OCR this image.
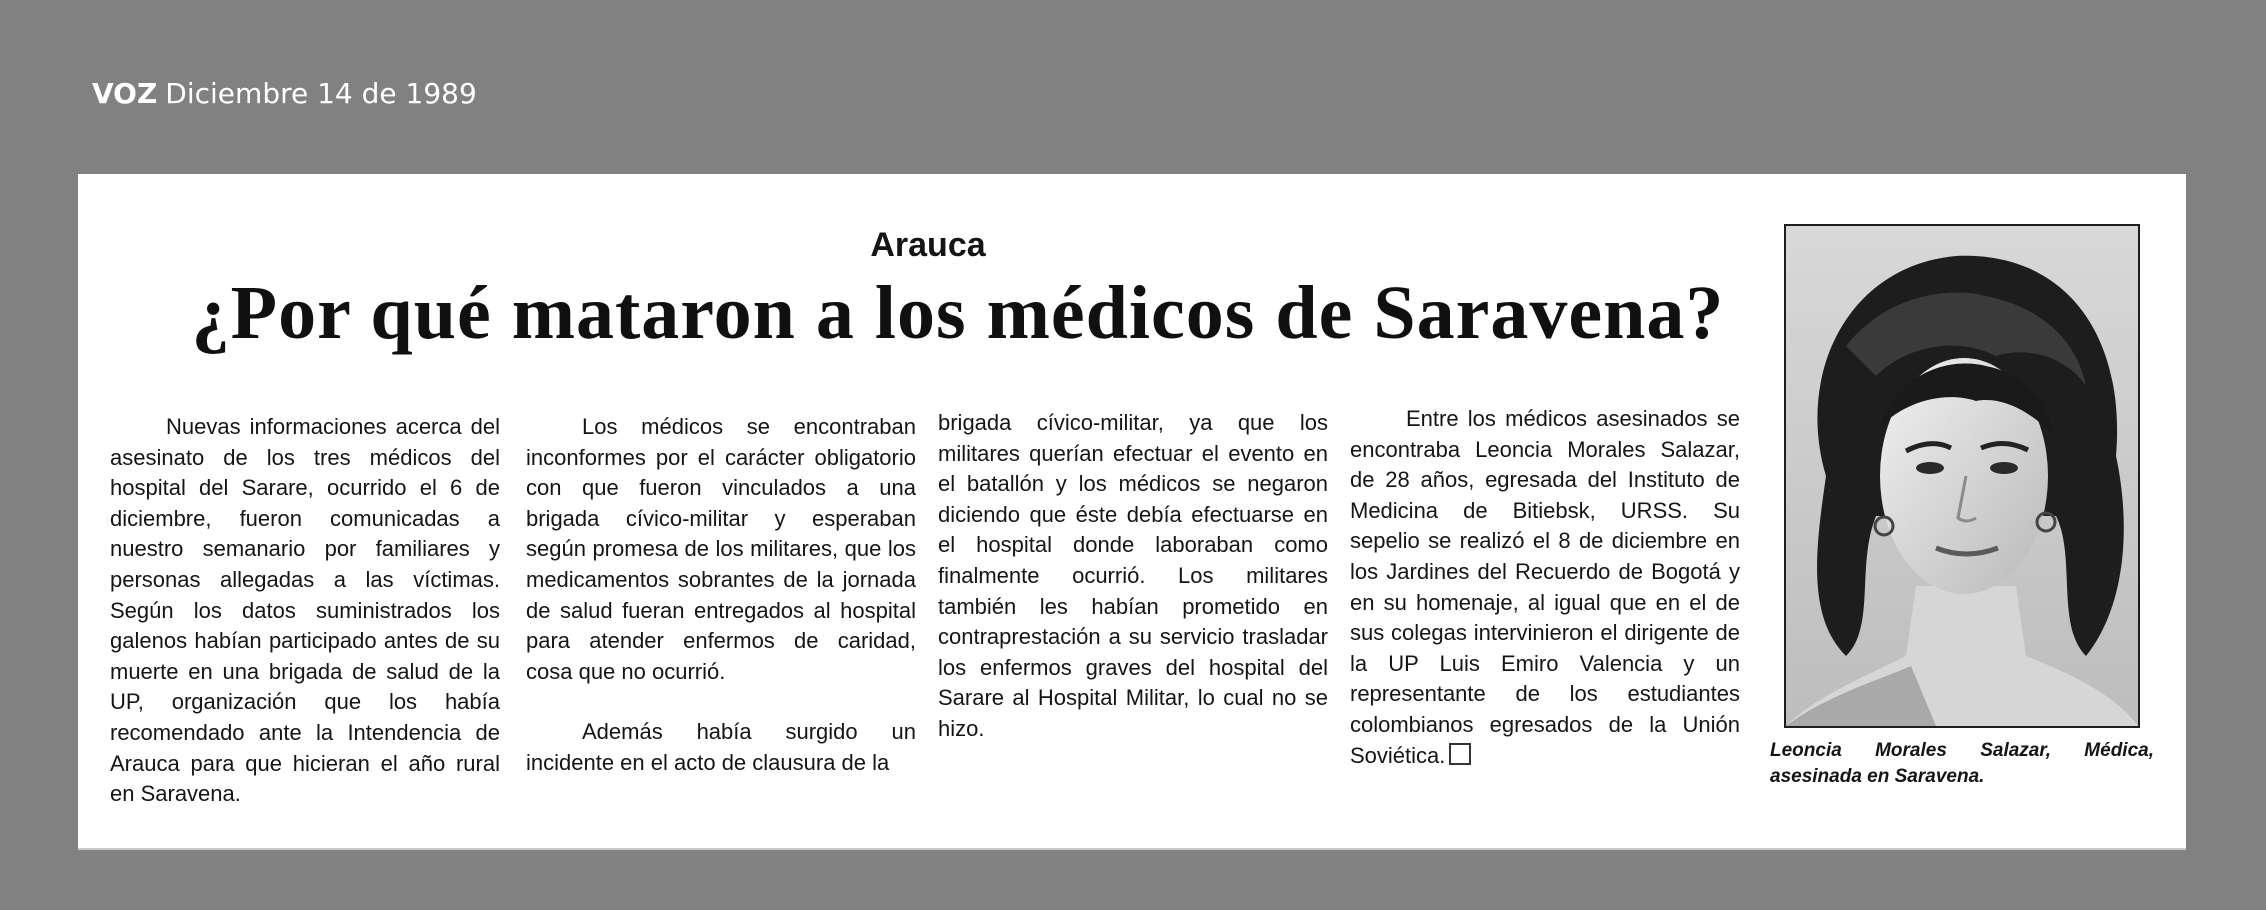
VOZ Diciembre 14 de 1989
Arauca
¿Por qué mataron a los médicos de Saravena?

Nuevas informaciones acerca del asesinato de los tres médicos del hospital del Sarare, ocurrido el 6 de diciembre, fueron comunicadas a nuestro semanario por familiares y personas allegadas a las víctimas. Según los datos suministrados los galenos habían participado antes de su muerte en una brigada de salud de la UP, organización que los había recomendado ante la Intendencia de Arauca para que hicieran el año rural en Saravena.

Los médicos se encontraban inconformes por el carácter obligatorio con que fueron vinculados a una brigada cívico-militar y esperaban según promesa de los militares, que los medicamentos sobrantes de la jornada de salud fueran entregados al hospital para atender enfermos de caridad, cosa que no ocurrió.

Además había surgido un incidente en el acto de clausura de la

brigada cívico-militar, ya que los militares querían efectuar el evento en el batallón y los médicos se negaron diciendo que éste debía efectuarse en el hospital donde laboraban como finalmente ocurrió. Los militares también les habían prometido en contraprestación a su servicio trasladar los enfermos graves del hospital del Sarare al Hospital Militar, lo cual no se hizo.

Entre los médicos asesinados se encontraba Leoncia Morales Salazar, de 28 años, egresada del Instituto de Medicina de Bitiebsk, URSS. Su sepelio se realizó el 8 de diciembre en los Jardines del Recuerdo de Bogotá y en su homenaje, al igual que en el de sus colegas intervinieron el dirigente de la UP Luis Emiro Valencia y un representante de los estudiantes colombianos egresados de la Unión Soviética.	Leoncia Morales Salazar, Médica, asesinada en Saravena.
